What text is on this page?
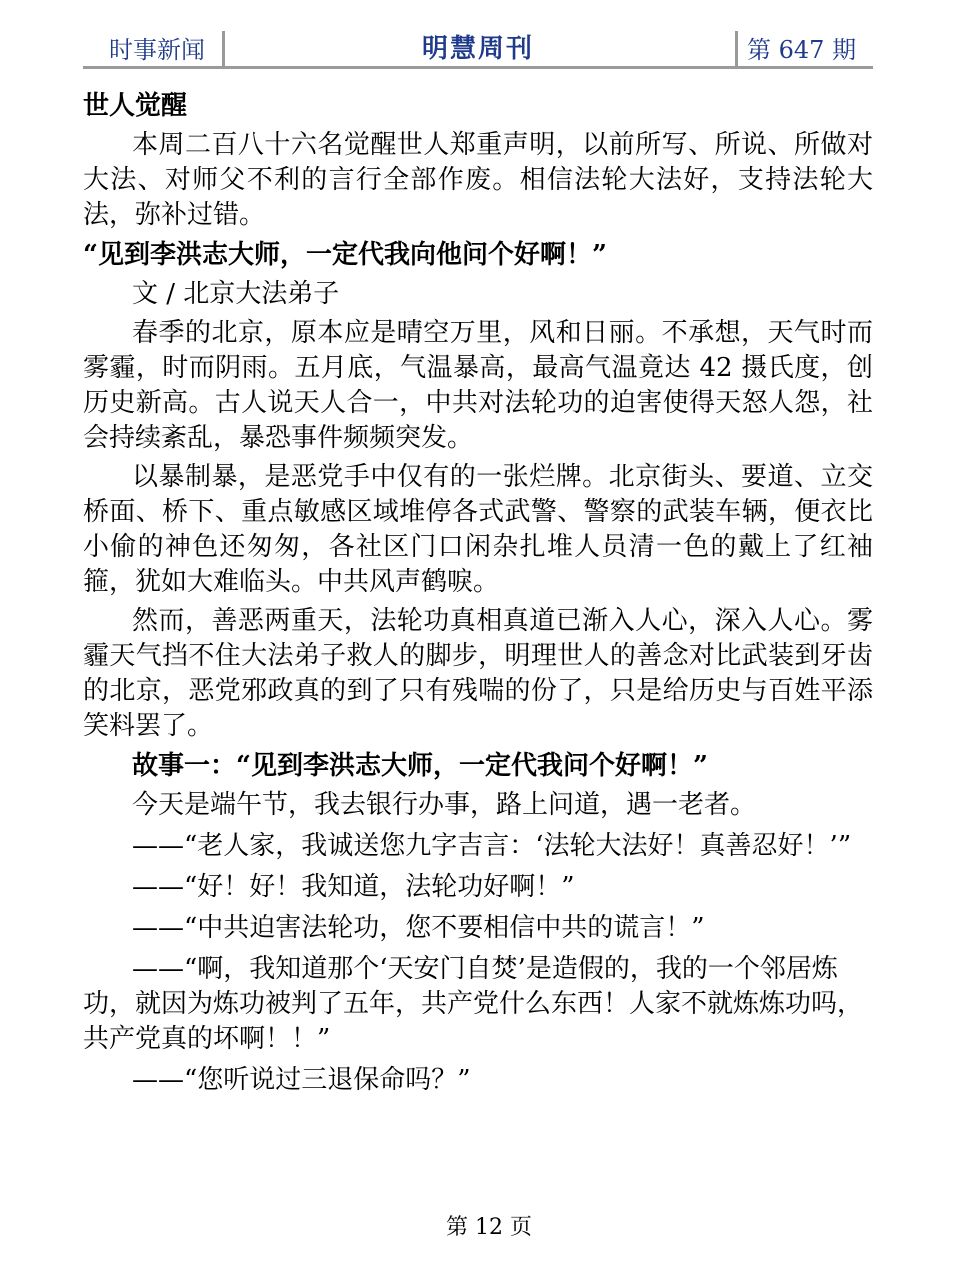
时事新闻	明慧周刊	第 647 期
世人觉醒

本周二百八十六名觉醒世人郑重声明，以前所写、所说、所做对大法、对师父不利的言行全部作废。相信法轮大法好，支持法轮大法，弥补过错。

“见到李洪志大师，一定代我向他问个好啊！”
文 / 北京大法弟子

春季的北京，原本应是晴空万里，风和日丽。不承想，天气时而雾霾，时而阴雨。五月底，气温暴高，最高气温竟达 42 摄氏度，创历史新高。古人说天人合一，中共对法轮功的迫害使得天怒人怨，社会持续紊乱，暴恐事件频频突发。

以暴制暴，是恶党手中仅有的一张烂牌。北京街头、要道、立交桥面、桥下、重点敏感区域堆停各式武警、警察的武装车辆，便衣比小偷的神色还匆匆，各社区门口闲杂扎堆人员清一色的戴上了红袖箍，犹如大难临头。中共风声鹤唳。

然而，善恶两重天，法轮功真相真道已渐入人心，深入人心。雾霾天气挡不住大法弟子救人的脚步，明理世人的善念对比武装到牙齿的北京，恶党邪政真的到了只有残喘的份了，只是给历史与百姓平添笑料罢了。

故事一：“见到李洪志大师，一定代我问个好啊！”

今天是端午节，我去银行办事，路上问道，遇一老者。

——“老人家，我诚送您九字吉言：‘法轮大法好！真善忍好！’”

——“好！好！我知道，法轮功好啊！”

——“中共迫害法轮功，您不要相信中共的谎言！”

——“啊，我知道那个‘天安门自焚’是造假的，我的一个邻居炼功，就因为炼功被判了五年，共产党什么东西！人家不就炼炼功吗，共产党真的坏啊！！”

——“您听说过三退保命吗？”

第 12 页
